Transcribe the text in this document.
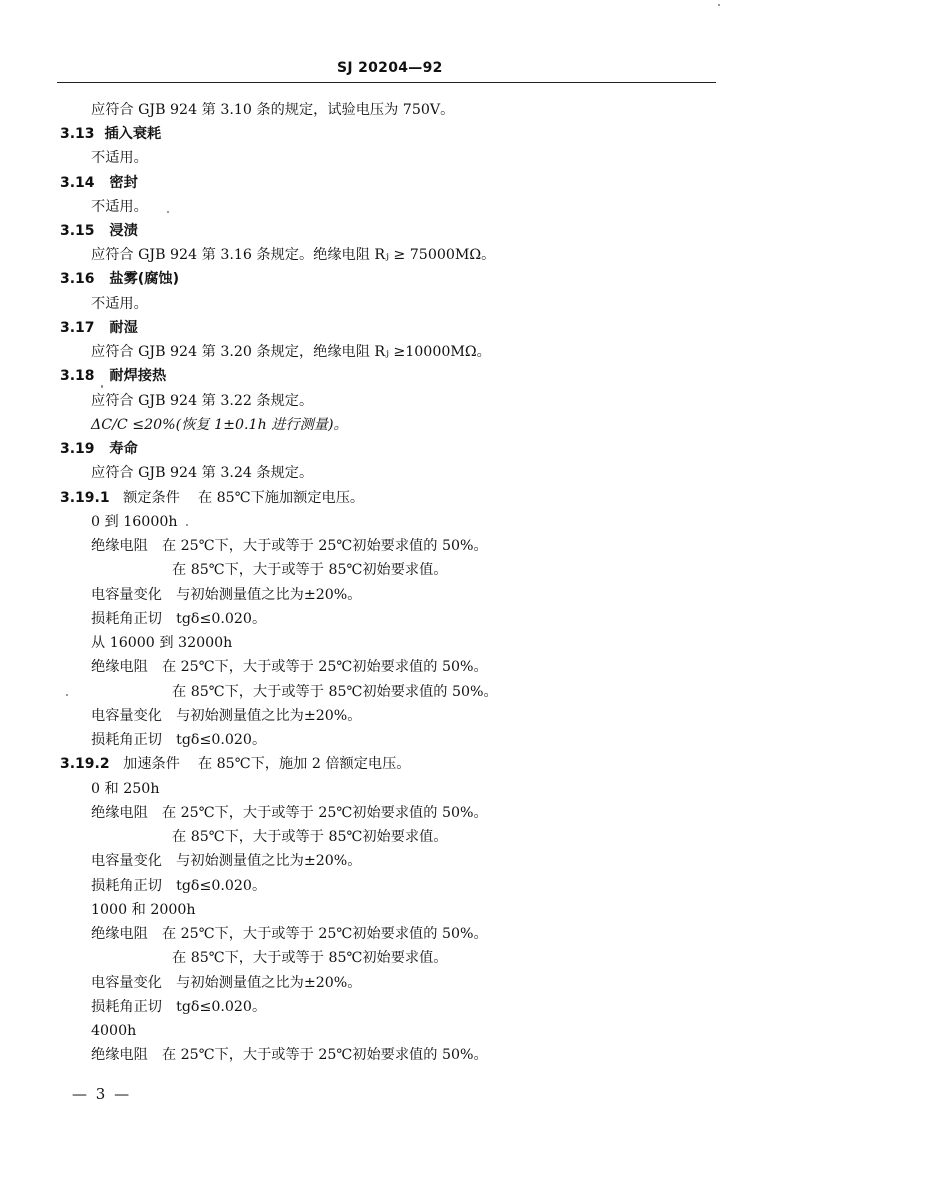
SJ 20204—92
应符合 GJB 924 第 3.10 条的规定，试验电压为 750V。
3.13 插入衰耗
不适用。
3.14 密封
不适用。
3.15 浸渍
应符合 GJB 924 第 3.16 条规定。绝缘电阻 Rⱼ ≥ 75000MΩ。
3.16 盐雾(腐蚀)
不适用。
3.17 耐湿
应符合 GJB 924 第 3.20 条规定，绝缘电阻 Rⱼ ≥10000MΩ。
3.18 耐焊接热
应符合 GJB 924 第 3.22 条规定。
ΔC/C ≤20%(恢复 1±0.1h 进行测量)。
3.19 寿命
应符合 GJB 924 第 3.24 条规定。
3.19.1 额定条件 在 85℃下施加额定电压。
0 到 16000h
绝缘电阻　在 25℃下，大于或等于 25℃初始要求值的 50%。
在 85℃下，大于或等于 85℃初始要求值。
电容量变化　与初始测量值之比为±20%。
损耗角正切　tgδ≤0.020。
从 16000 到 32000h
绝缘电阻　在 25℃下，大于或等于 25℃初始要求值的 50%。
在 85℃下，大于或等于 85℃初始要求值的 50%。
电容量变化　与初始测量值之比为±20%。
损耗角正切　tgδ≤0.020。
3.19.2 加速条件 在 85℃下，施加 2 倍额定电压。
0 和 250h
绝缘电阻　在 25℃下，大于或等于 25℃初始要求值的 50%。
在 85℃下，大于或等于 85℃初始要求值。
电容量变化　与初始测量值之比为±20%。
损耗角正切　tgδ≤0.020。
1000 和 2000h
绝缘电阻　在 25℃下，大于或等于 25℃初始要求值的 50%。
在 85℃下，大于或等于 85℃初始要求值。
电容量变化　与初始测量值之比为±20%。
损耗角正切　tgδ≤0.020。
4000h
绝缘电阻　在 25℃下，大于或等于 25℃初始要求值的 50%。
— 3 —
